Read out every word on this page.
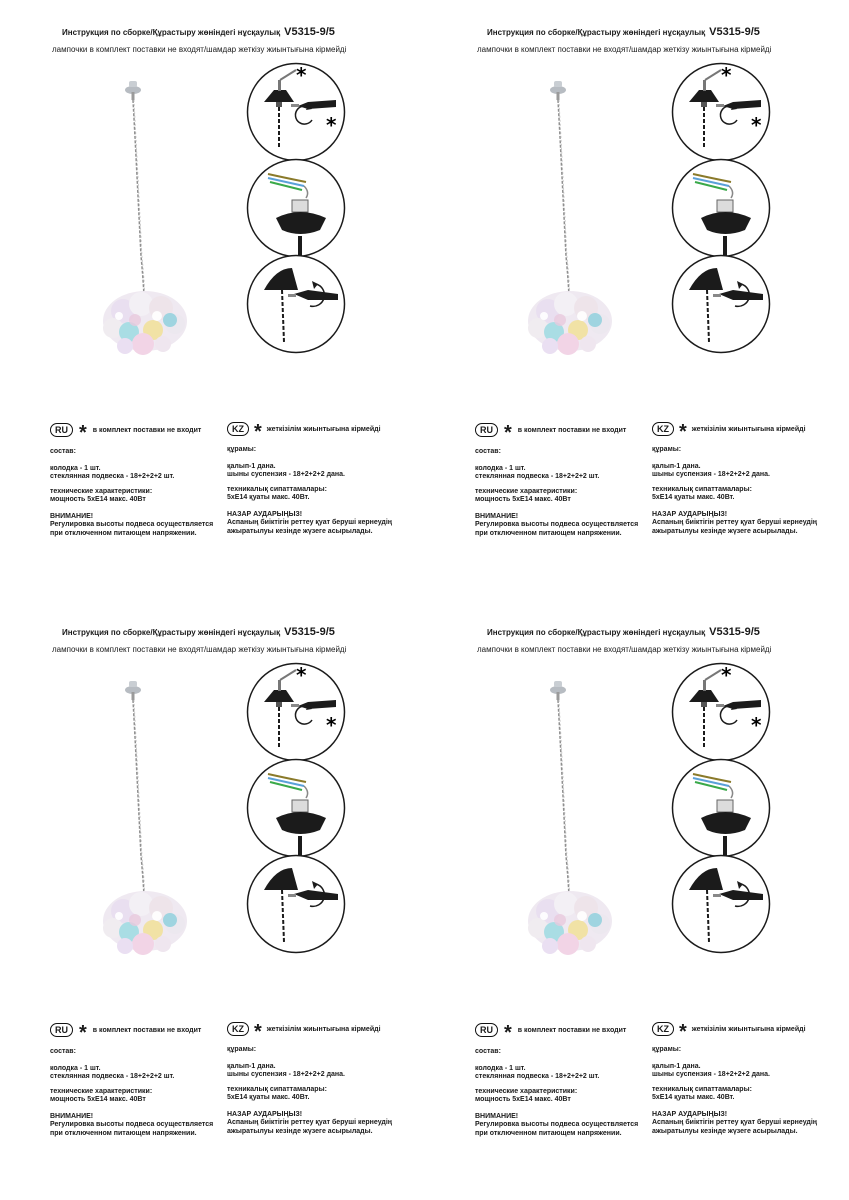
Инструкция по сборке/Құрастыру жөніндегі нұсқаулық V5315-9/5
лампочки в комплект поставки не входят/шамдар жеткізу жиынтығына кірмейді
*
*
RU * в комплект поставки не входит	KZ * жеткізілім жиынтығына кірмейді
состав:
колодка - 1 шт.
стеклянная подвеска - 18+2+2+2 шт.
технические характеристики:
мощность 5xE14 макс. 40Вт
ВНИМАНИЕ!
Регулировка высоты подвеса осуществляется
при отключенном питающем напряжении.
құрамы:
қалып-1 дана.
шыны суспензия - 18+2+2+2 дана.
техникалық сипаттамалары:
5xE14 қуаты макс. 40Вт.
НАЗАР АУДАРЫҢЫЗ!
Аспаның биіктігін реттеу қуат беруші кернеудің
ажыратылуы кезінде жүзеге асырылады.
Инструкция по сборке/Құрастыру жөніндегі нұсқаулық V5315-9/5
лампочки в комплект поставки не входят/шамдар жеткізу жиынтығына кірмейді
*
*
RU * в комплект поставки не входит	KZ * жеткізілім жиынтығына кірмейді
состав:
колодка - 1 шт.
стеклянная подвеска - 18+2+2+2 шт.
технические характеристики:
мощность 5xE14 макс. 40Вт
ВНИМАНИЕ!
Регулировка высоты подвеса осуществляется
при отключенном питающем напряжении.
құрамы:
қалып-1 дана.
шыны суспензия - 18+2+2+2 дана.
техникалық сипаттамалары:
5xE14 қуаты макс. 40Вт.
НАЗАР АУДАРЫҢЫЗ!
Аспаның биіктігін реттеу қуат беруші кернеудің
ажыратылуы кезінде жүзеге асырылады.
Инструкция по сборке/Құрастыру жөніндегі нұсқаулық V5315-9/5
лампочки в комплект поставки не входят/шамдар жеткізу жиынтығына кірмейді
*
*
RU * в комплект поставки не входит	KZ * жеткізілім жиынтығына кірмейді
состав:
колодка - 1 шт.
стеклянная подвеска - 18+2+2+2 шт.
технические характеристики:
мощность 5xE14 макс. 40Вт
ВНИМАНИЕ!
Регулировка высоты подвеса осуществляется
при отключенном питающем напряжении.
құрамы:
қалып-1 дана.
шыны суспензия - 18+2+2+2 дана.
техникалық сипаттамалары:
5xE14 қуаты макс. 40Вт.
НАЗАР АУДАРЫҢЫЗ!
Аспаның биіктігін реттеу қуат беруші кернеудің
ажыратылуы кезінде жүзеге асырылады.
Инструкция по сборке/Құрастыру жөніндегі нұсқаулық V5315-9/5
лампочки в комплект поставки не входят/шамдар жеткізу жиынтығына кірмейді
*
*
RU * в комплект поставки не входит	KZ * жеткізілім жиынтығына кірмейді
состав:
колодка - 1 шт.
стеклянная подвеска - 18+2+2+2 шт.
технические характеристики:
мощность 5xE14 макс. 40Вт
ВНИМАНИЕ!
Регулировка высоты подвеса осуществляется
при отключенном питающем напряжении.
құрамы:
қалып-1 дана.
шыны суспензия - 18+2+2+2 дана.
техникалық сипаттамалары:
5xE14 қуаты макс. 40Вт.
НАЗАР АУДАРЫҢЫЗ!
Аспаның биіктігін реттеу қуат беруші кернеудің
ажыратылуы кезінде жүзеге асырылады.
